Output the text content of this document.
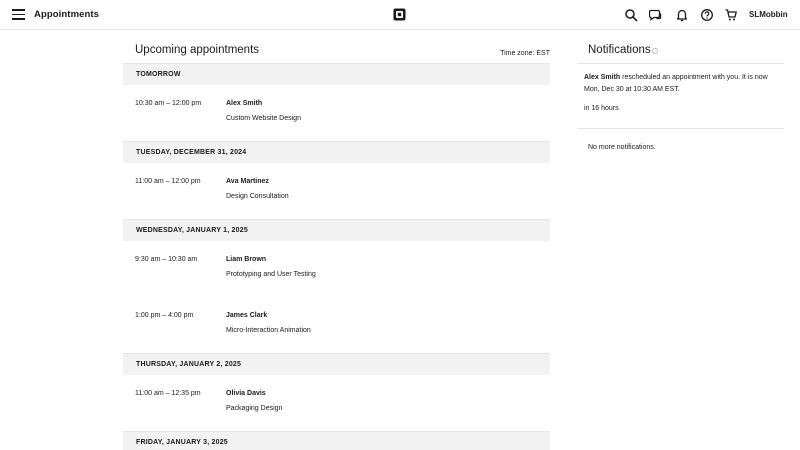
Appointments	SLMobbin
Upcoming appointments	Time zone: EST
TOMORROW
10:30 am – 12:00 pm	Alex Smith
Custom Website Design
TUESDAY, DECEMBER 31, 2024
11:00 am – 12:00 pm	Ava Martinez
Design Consultation
WEDNESDAY, JANUARY 1, 2025
9:30 am – 10:30 am	Liam Brown
Prototyping and User Testing
1:00 pm – 4:00 pm	James Clark
Micro-Interaction Animation
THURSDAY, JANUARY 2, 2025
11:00 am – 12:35 pm	Olivia Davis
Packaging Design
FRIDAY, JANUARY 3, 2025
Notifications
Alex Smith rescheduled an appointment with you. It is now Mon, Dec 30 at 10:30 AM EST.
in 16 hours
No more notifications.
